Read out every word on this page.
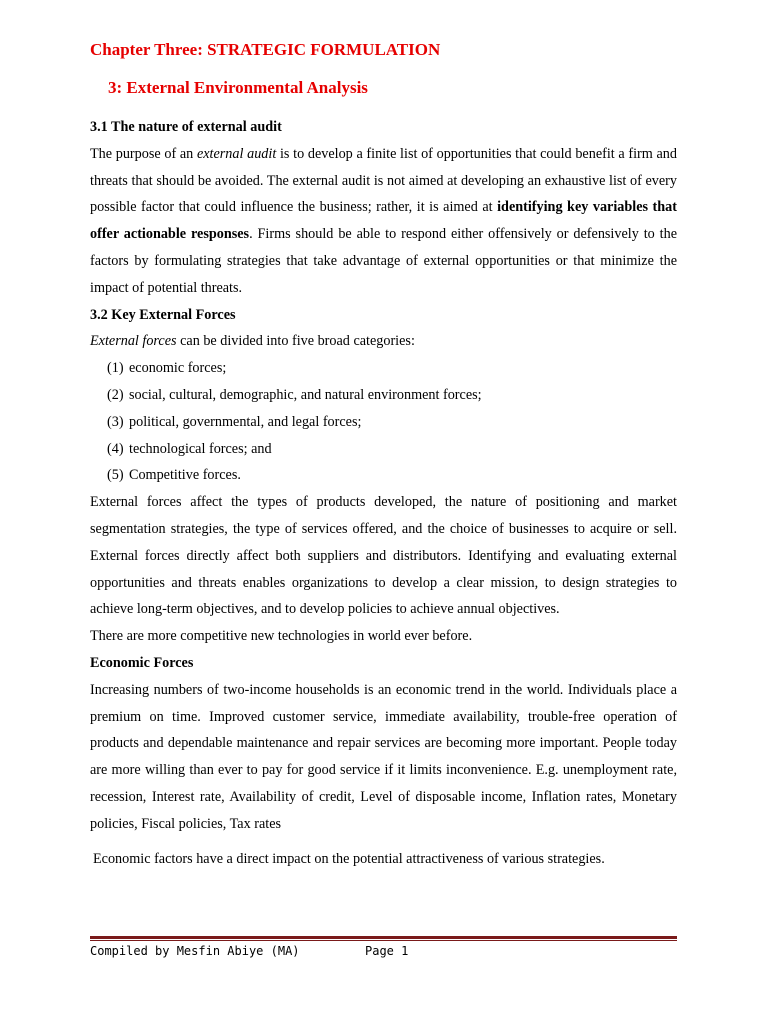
Chapter Three: STRATEGIC FORMULATION
3: External Environmental Analysis
3.1 The nature of external audit

The purpose of an external audit is to develop a finite list of opportunities that could benefit a firm and threats that should be avoided. The external audit is not aimed at developing an exhaustive list of every possible factor that could influence the business; rather, it is aimed at identifying key variables that offer actionable responses. Firms should be able to respond either offensively or defensively to the factors by formulating strategies that take advantage of external opportunities or that minimize the impact of potential threats.

3.2 Key External Forces

External forces can be divided into five broad categories:

(1) economic forces;
(2) social, cultural, demographic, and natural environment forces;
(3) political, governmental, and legal forces;
(4) technological forces; and
(5) Competitive forces.

External forces affect the types of products developed, the nature of positioning and market segmentation strategies, the type of services offered, and the choice of businesses to acquire or sell. External forces directly affect both suppliers and distributors. Identifying and evaluating external opportunities and threats enables organizations to develop a clear mission, to design strategies to achieve long-term objectives, and to develop policies to achieve annual objectives.

There are more competitive new technologies in world ever before.

Economic Forces

Increasing numbers of two-income households is an economic trend in the world. Individuals place a premium on time. Improved customer service, immediate availability, trouble-free operation of products and dependable maintenance and repair services are becoming more important. People today are more willing than ever to pay for good service if it limits inconvenience. E.g. unemployment rate, recession, Interest rate, Availability of credit, Level of disposable income, Inflation rates, Monetary policies, Fiscal policies, Tax rates

Economic factors have a direct impact on the potential attractiveness of various strategies.
Compiled by Mesfin Abiye (MA)	Page 1
